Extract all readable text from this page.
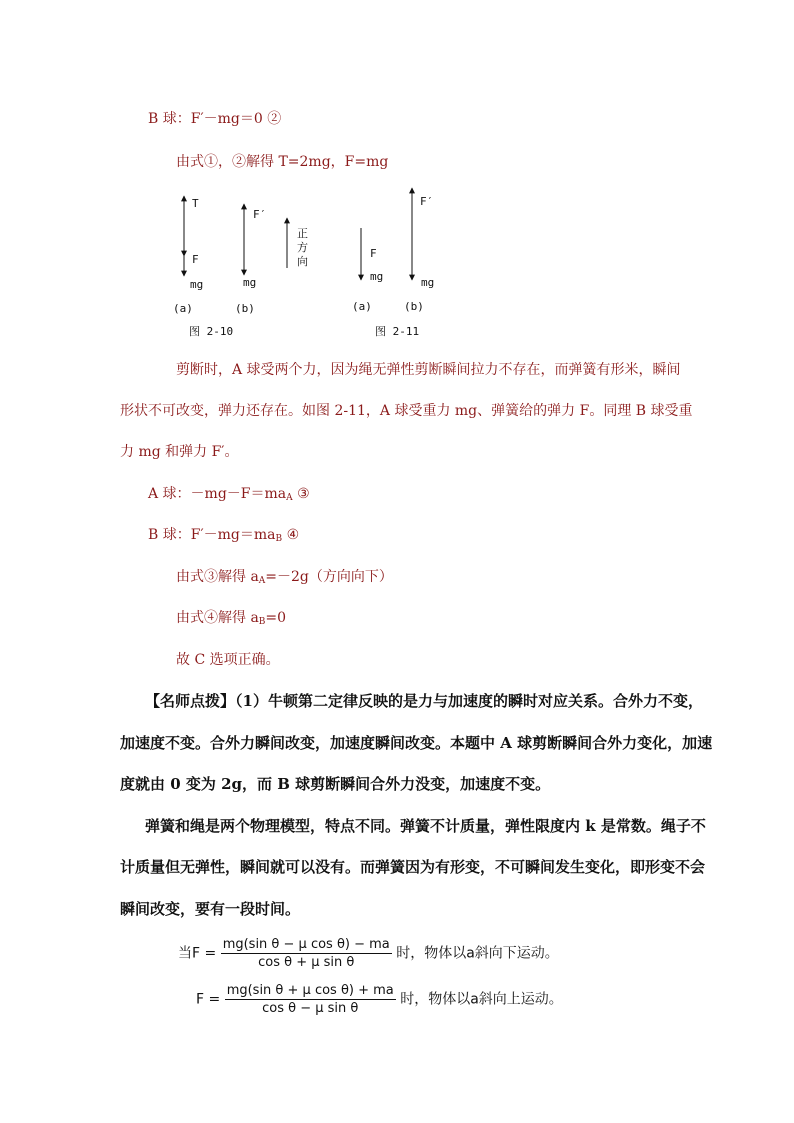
B 球：F′－mg＝0 ②
由式①，②解得 T=2mg，F=mg
T
F
mg
F′
mg
正
方
向
F
mg
F′
mg
(a)	(b)	(a)	(b)
图 2-10	图 2-11
剪断时，A 球受两个力，因为绳无弹性剪断瞬间拉力不存在，而弹簧有形米，瞬间
形状不可改变，弹力还存在。如图 2-11，A 球受重力 mg、弹簧给的弹力 F。同理 B 球受重
力 mg 和弹力 F′。
A 球：$-mg-F=ma_A$ ③
B 球：$F'-mg=ma_B$ ④
由式③解得 $a_A=-2g$（方向向下）
由式④解得 $a_B=0$
故 C 选项正确。
【名师点拨】（1）牛顿第二定律反映的是力与加速度的瞬时对应关系。合外力不变，
加速度不变。合外力瞬间改变，加速度瞬间改变。本题中 A 球剪断瞬间合外力变化，加速
度就由 0 变为 2g，而 B 球剪断瞬间合外力没变，加速度不变。
弹簧和绳是两个物理模型，特点不同。弹簧不计质量，弹性限度内 k 是常数。绳子不
计质量但无弹性，瞬间就可以没有。而弹簧因为有形变，不可瞬间发生变化，即形变不会
瞬间改变，要有一段时间。
当$F = \frac{\text{mg(sin θ − μ cos θ) − ma}}{\text{cos θ + μ sin θ}}$ 时，物体以a斜向下运动。
$F = \frac{\text{mg(sin θ + μ cos θ) + ma}}{\text{cos θ − μ sin θ}}$ 时，物体以a斜向上运动。
